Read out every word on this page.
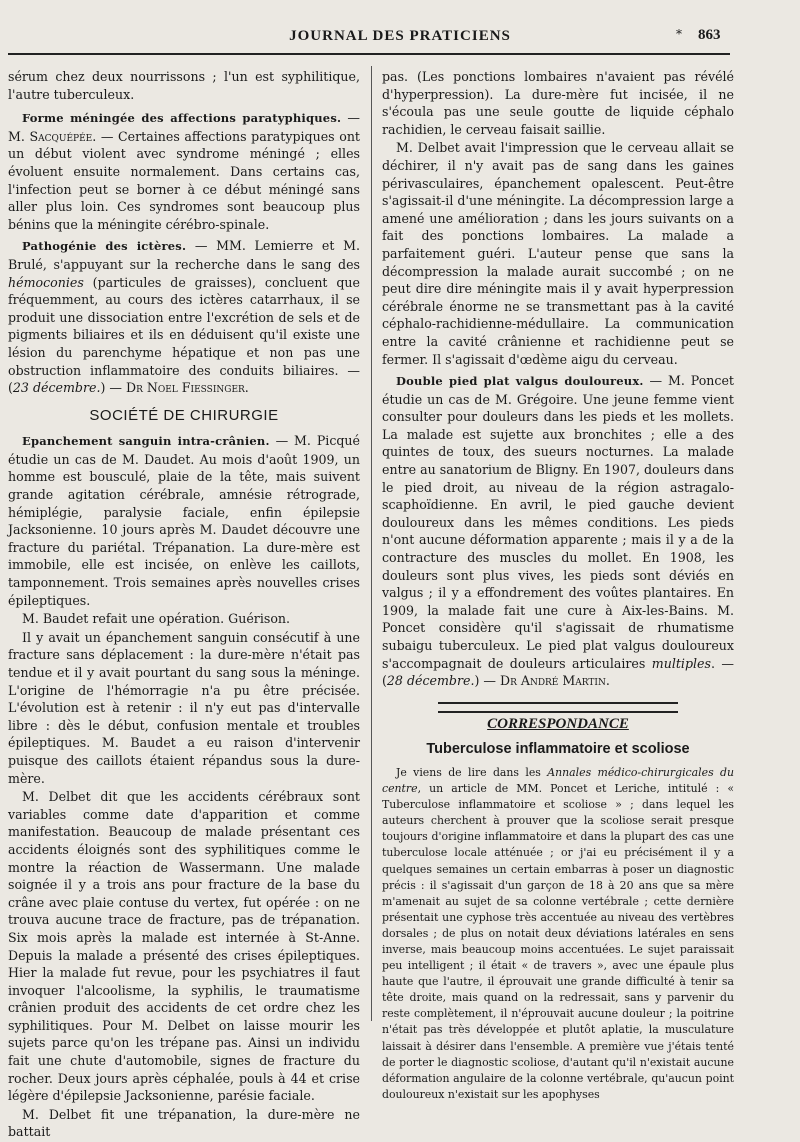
JOURNAL DES PRATICIENS	* 863

sérum chez deux nourrissons ; l'un est syphilitique, l'autre tuberculeux.

Forme méningée des affections paratyphiques. — M. Sacquépée. — Certaines affections paratypiques ont un début violent avec syndrome méningé ; elles évoluent ensuite normalement. Dans certains cas, l'infection peut se borner à ce début méningé sans aller plus loin. Ces syndromes sont beaucoup plus bénins que la méningite cérébro-spinale.

Pathogénie des ictères. — MM. Lemierre et M. Brulé, s'appuyant sur la recherche dans le sang des hémoconies (particules de graisses), concluent que fréquemment, au cours des ictères catarrhaux, il se produit une dissociation entre l'excrétion de sels et de pigments biliaires et ils en déduisent qu'il existe une lésion du parenchyme hépatique et non pas une obstruction inflammatoire des conduits biliaires. — (23 décembre.) — Dr Noel Fiessinger.

SOCIÉTÉ DE CHIRURGIE

Epanchement sanguin intra-crânien. — M. Picqué étudie un cas de M. Daudet. Au mois d'août 1909, un homme est bousculé, plaie de la tête, mais suivent grande agitation cérébrale, amnésie rétrograde, hémiplégie, paralysie faciale, enfin épilepsie Jacksonienne. 10 jours après M. Daudet découvre une fracture du pariétal. Trépanation. La dure-mère est immobile, elle est incisée, on enlève les caillots, tamponnement. Trois semaines après nouvelles crises épileptiques.

M. Baudet refait une opération. Guérison.

Il y avait un épanchement sanguin consécutif à une fracture sans déplacement : la dure-mère n'était pas tendue et il y avait pourtant du sang sous la méninge. L'origine de l'hémorragie n'a pu être précisée. L'évolution est à retenir : il n'y eut pas d'intervalle libre : dès le début, confusion mentale et troubles épileptiques. M. Baudet a eu raison d'intervenir puisque des caillots étaient répandus sous la dure-mère.

M. Delbet dit que les accidents cérébraux sont variables comme date d'apparition et comme manifestation. Beaucoup de malade présentant ces accidents éloignés sont des syphilitiques comme le montre la réaction de Wassermann. Une malade soignée il y a trois ans pour fracture de la base du crâne avec plaie contuse du vertex, fut opérée : on ne trouva aucune trace de fracture, pas de trépanation. Six mois après la malade est internée à St-Anne. Depuis la malade a présenté des crises épileptiques. Hier la malade fut revue, pour les psychiatres il faut invoquer l'alcoolisme, la syphilis, le traumatisme crânien produit des accidents de cet ordre chez les syphilitiques. Pour M. Delbet on laisse mourir les sujets parce qu'on les trépane pas. Ainsi un individu fait une chute d'automobile, signes de fracture du rocher. Deux jours après céphalée, pouls à 44 et crise légère d'épilepsie Jacksonienne, parésie faciale.

M. Delbet fit une trépanation, la dure-mère ne battait

pas. (Les ponctions lombaires n'avaient pas révélé d'hyperpression). La dure-mère fut incisée, il ne s'écoula pas une seule goutte de liquide céphalo rachidien, le cerveau faisait saillie.

M. Delbet avait l'impression que le cerveau allait se déchirer, il n'y avait pas de sang dans les gaines périvasculaires, épanchement opalescent. Peut-être s'agissait-il d'une méningite. La décompression large a amené une amélioration ; dans les jours suivants on a fait des ponctions lombaires. La malade a parfaitement guéri. L'auteur pense que sans la décompression la malade aurait succombé ; on ne peut dire dire méningite mais il y avait hyperpression cérébrale énorme ne se transmettant pas à la cavité céphalo-rachidienne-médullaire. La communication entre la cavité crânienne et rachidienne peut se fermer. Il s'agissait d'œdème aigu du cerveau.

Double pied plat valgus douloureux. — M. Poncet étudie un cas de M. Grégoire. Une jeune femme vient consulter pour douleurs dans les pieds et les mollets. La malade est sujette aux bronchites ; elle a des quintes de toux, des sueurs nocturnes. La malade entre au sanatorium de Bligny. En 1907, douleurs dans le pied droit, au niveau de la région astragalo-scaphoïdienne. En avril, le pied gauche devient douloureux dans les mêmes conditions. Les pieds n'ont aucune déformation apparente ; mais il y a de la contracture des muscles du mollet. En 1908, les douleurs sont plus vives, les pieds sont déviés en valgus ; il y a effondrement des voûtes plantaires. En 1909, la malade fait une cure à Aix-les-Bains. M. Poncet considère qu'il s'agissait de rhumatisme subaigu tuberculeux. Le pied plat valgus douloureux s'accompagnait de douleurs articulaires multiples. — (28 décembre.) — Dr André Martin.

CORRESPONDANCE
Tuberculose inflammatoire et scoliose

Je viens de lire dans les Annales médico-chirurgicales du centre, un article de MM. Poncet et Leriche, intitulé : « Tuberculose inflammatoire et scoliose » ; dans lequel les auteurs cherchent à prouver que la scoliose serait presque toujours d'origine inflammatoire et dans la plupart des cas une tuberculose locale atténuée ; or j'ai eu précisément il y a quelques semaines un certain embarras à poser un diagnostic précis : il s'agissait d'un garçon de 18 à 20 ans que sa mère m'amenait au sujet de sa colonne vertébrale ; cette dernière présentait une cyphose très accentuée au niveau des vertèbres dorsales ; de plus on notait deux déviations latérales en sens inverse, mais beaucoup moins accentuées. Le sujet paraissait peu intelligent ; il était « de travers », avec une épaule plus haute que l'autre, il éprouvait une grande difficulté à tenir sa tête droite, mais quand on la redressait, sans y parvenir du reste complètement, il n'éprouvait aucune douleur ; la poitrine n'était pas très développée et plutôt aplatie, la musculature laissait à désirer dans l'ensemble. A première vue j'étais tenté de porter le diagnostic scoliose, d'autant qu'il n'existait aucune déformation angulaire de la colonne vertébrale, qu'aucun point douloureux n'existait sur les apophyses
